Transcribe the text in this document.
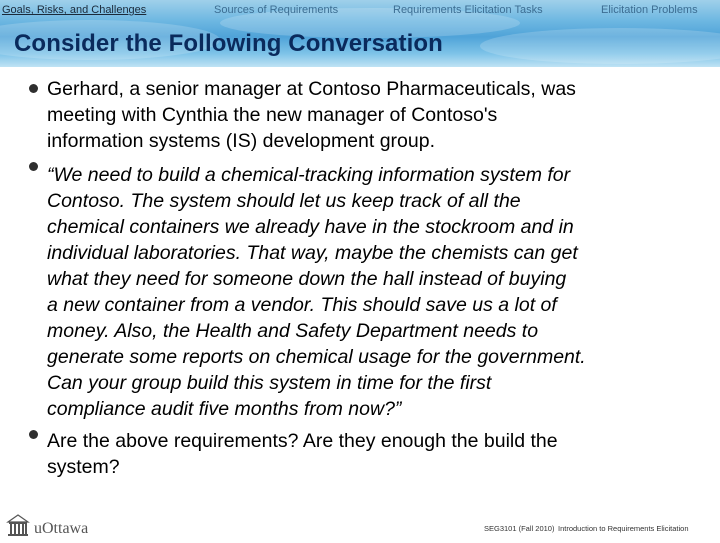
Goals, Risks, and Challenges	Sources of Requirements	Requirements Elicitation Tasks	Elicitation Problems
Consider the Following Conversation
Gerhard, a senior manager at Contoso Pharmaceuticals, was
meeting with Cynthia the new manager of Contoso's
information systems (IS) development group.
“We need to build a chemical-tracking information system for
Contoso. The system should let us keep track of all the
chemical containers we already have in the stockroom and in
individual laboratories. That way, maybe the chemists can get
what they need for someone down the hall instead of buying
a new container from a vendor. This should save us a lot of
money. Also, the Health and Safety Department needs to
generate some reports on chemical usage for the government.
Can your group build this system in time for the first
compliance audit five months from now?”
Are the above requirements? Are they enough the build the
system?
uOttawa	SEG3101 (Fall 2010) Introduction to Requirements Elicitation
